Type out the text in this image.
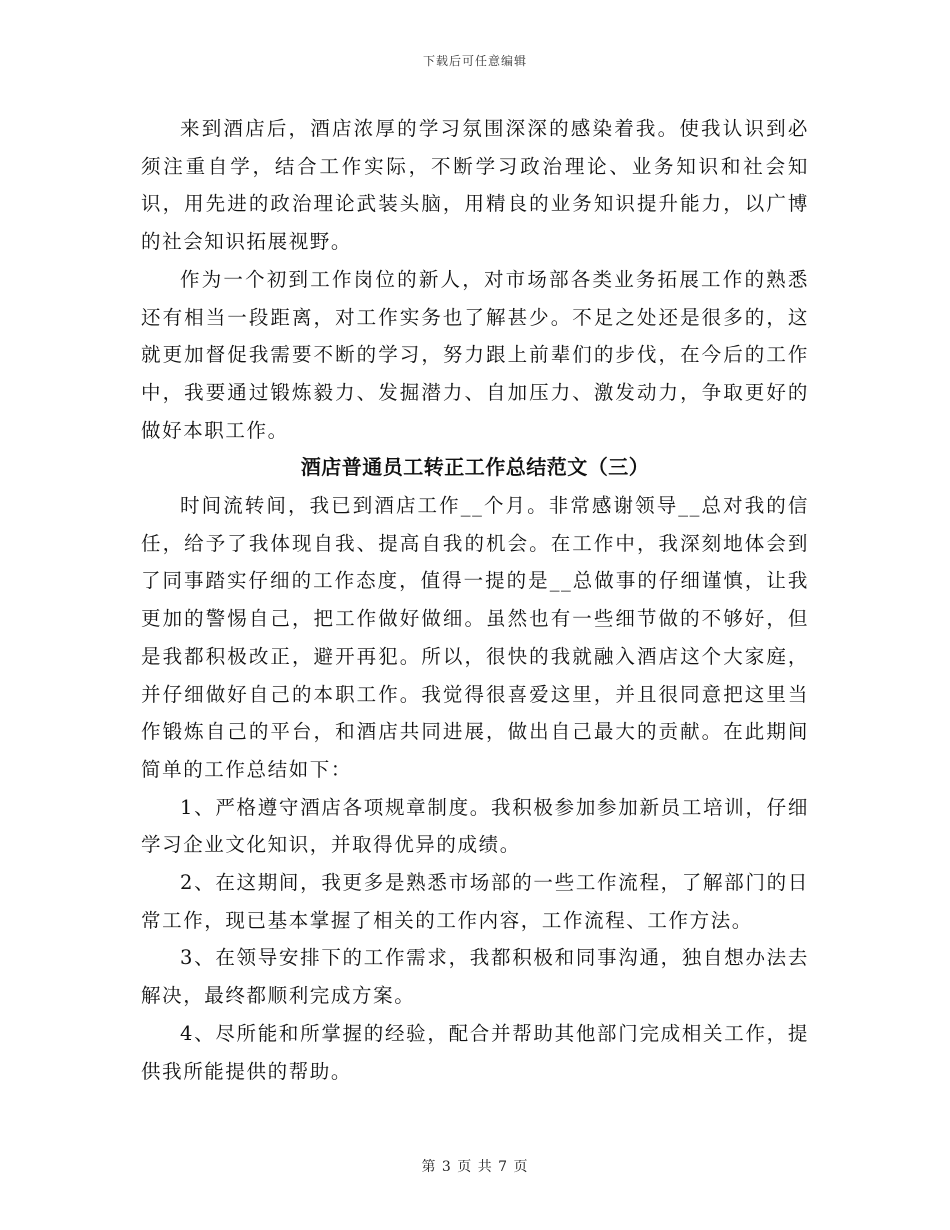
下载后可任意编辑

来到酒店后，酒店浓厚的学习氛围深深的感染着我。使我认识到必须注重自学，结合工作实际，不断学习政治理论、业务知识和社会知识，用先进的政治理论武装头脑，用精良的业务知识提升能力，以广博的社会知识拓展视野。

作为一个初到工作岗位的新人，对市场部各类业务拓展工作的熟悉还有相当一段距离，对工作实务也了解甚少。不足之处还是很多的，这就更加督促我需要不断的学习，努力跟上前辈们的步伐，在今后的工作中，我要通过锻炼毅力、发掘潜力、自加压力、激发动力，争取更好的做好本职工作。

酒店普通员工转正工作总结范文（三）

时间流转间，我已到酒店工作__个月。非常感谢领导__总对我的信任，给予了我体现自我、提高自我的机会。在工作中，我深刻地体会到了同事踏实仔细的工作态度，值得一提的是__总做事的仔细谨慎，让我更加的警惕自己，把工作做好做细。虽然也有一些细节做的不够好，但是我都积极改正，避开再犯。所以，很快的我就融入酒店这个大家庭，并仔细做好自己的本职工作。我觉得很喜爱这里，并且很同意把这里当作锻炼自己的平台，和酒店共同进展，做出自己最大的贡献。在此期间简单的工作总结如下：

1、严格遵守酒店各项规章制度。我积极参加参加新员工培训，仔细学习企业文化知识，并取得优异的成绩。

2、在这期间，我更多是熟悉市场部的一些工作流程，了解部门的日常工作，现已基本掌握了相关的工作内容，工作流程、工作方法。

3、在领导安排下的工作需求，我都积极和同事沟通，独自想办法去解决，最终都顺利完成方案。

4、尽所能和所掌握的经验，配合并帮助其他部门完成相关工作，提供我所能提供的帮助。

第 3 页 共 7 页
